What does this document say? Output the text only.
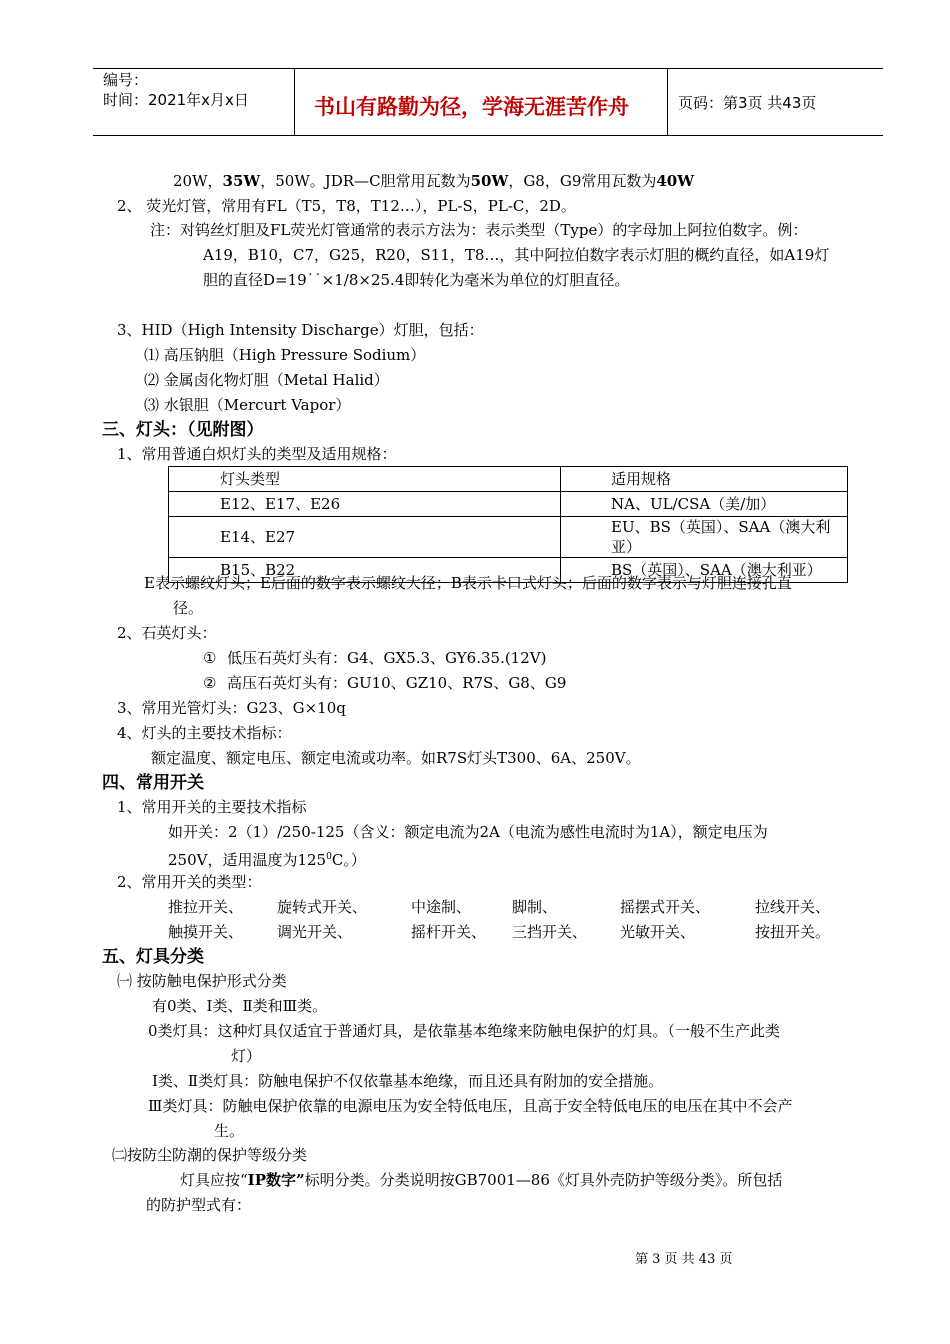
编号：
时间：2021年x月x日	书山有路勤为径，学海无涯苦作舟	页码：第3页 共43页
20W，35W，50W。JDR—C胆常用瓦数为50W，G8，G9常用瓦数为40W
2、 荧光灯管，常用有FL（T5，T8，T12…），PL-S，PL-C，2D。
注：对钨丝灯胆及FL荧光灯管通常的表示方法为：表示类型（Type）的字母加上阿拉伯数字。例：
A19，B10，C7，G25，R20，S11，T8…，其中阿拉伯数字表示灯胆的概约直径，如A19灯
胆的直径D=19˙˙×1/8×25.4即转化为毫米为单位的灯胆直径。
3、HID（High Intensity Discharge）灯胆，包括：
⑴ 高压钠胆（High Pressure Sodium）
⑵ 金属卤化物灯胆（Metal Halid）
⑶ 水银胆（Mercurt Vapor）
三、灯头：（见附图）
1、常用普通白炽灯头的类型及适用规格：
灯头类型	适用规格
E12、E17、E26	NA、UL/CSA（美/加）
E14、E27	EU、BS（英国）、SAA（澳大利亚）
B15、B22	BS（英国）、SAA（澳大利亚）
E表示螺纹灯头；E后面的数字表示螺纹大径；B表示卡口式灯头；后面的数字表示与灯胆连接孔直
径。
2、石英灯头：
① 低压石英灯头有：G4、GX5.3、GY6.35.(12V)
② 高压石英灯头有：GU10、GZ10、R7S、G8、G9
3、常用光管灯头：G23、G×10q
4、灯头的主要技术指标：
额定温度、额定电压、额定电流或功率。如R7S灯头T300、6A、250V。
四、常用开关
1、常用开关的主要技术指标
如开关：2（1）/250-125（含义：额定电流为2A（电流为感性电流时为1A），额定电压为
250V，适用温度为$125^0C$。）
2、常用开关的类型：
推拉开关、 旋转式开关、	中途制、	脚制、	摇摆式开关、	拉线开关、
触摸开关、 调光开关、	摇杆开关、 三挡开关、 光敏开关、	按扭开关。
五、灯具分类
㈠ 按防触电保护形式分类
有0类、Ⅰ类、Ⅱ类和Ⅲ类。
0类灯具：这种灯具仅适宜于普通灯具，是依靠基本绝缘来防触电保护的灯具。（一般不生产此类
灯）
Ⅰ类、Ⅱ类灯具：防触电保护不仅依靠基本绝缘，而且还具有附加的安全措施。
Ⅲ类灯具：防触电保护依靠的电源电压为安全特低电压，且高于安全特低电压的电压在其中不会产
生。
㈡按防尘防潮的保护等级分类
灯具应按“IP数字”标明分类。分类说明按GB7001—86《灯具外壳防护等级分类》。所包括
的防护型式有：
第 3 页 共 43 页
